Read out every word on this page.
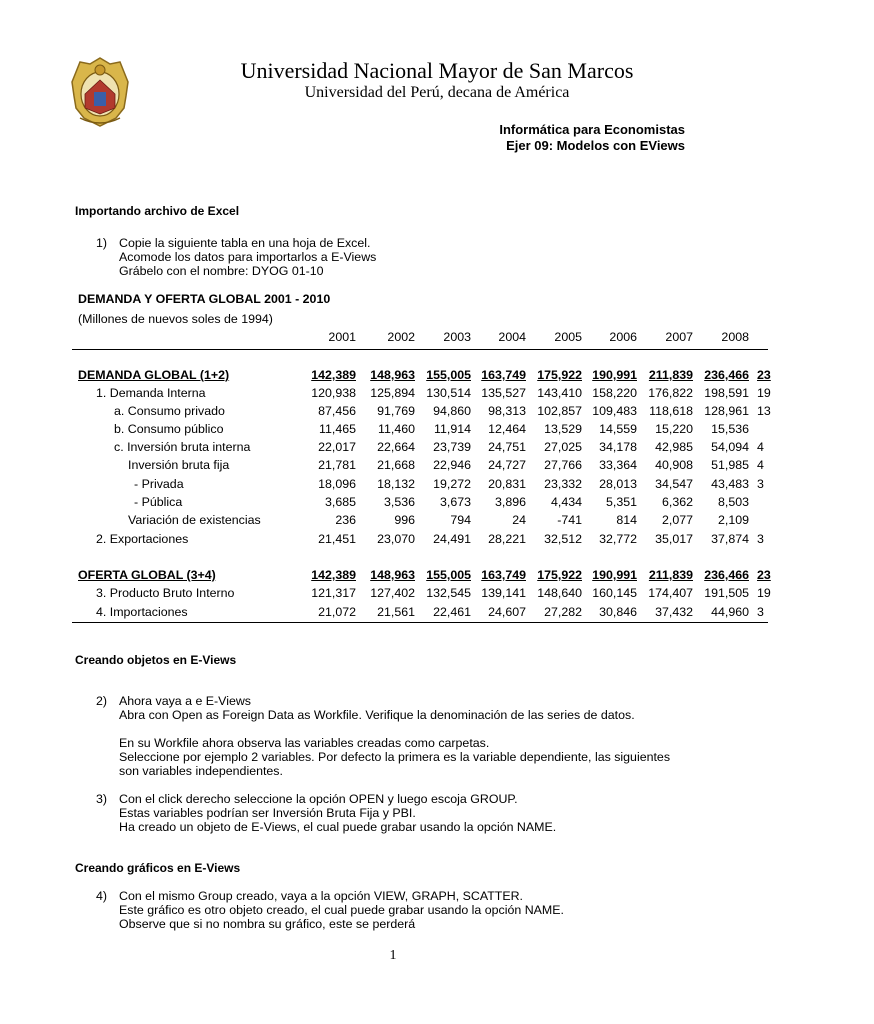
Universidad Nacional Mayor de San Marcos
Universidad del Perú, decana de América
Informática para Economistas
Ejer 09: Modelos con EViews
Importando archivo de Excel
1) Copie la siguiente tabla en una hoja de Excel.
Acomode los datos para importarlos a E-Views
Grábelo con el nombre: DYOG 01-10
DEMANDA Y OFERTA GLOBAL 2001 - 2010
(Millones de nuevos soles de 1994)
2001	2002	2003	2004	2005	2006	2007	2008
DEMANDA GLOBAL (1+2)	142,389	148,963 155,005 163,749 175,922 190,991 211,839 236,466 23
1. Demanda Interna	120,938	125,894 130,514 135,527 143,410 158,220 176,822 198,591 19
a. Consumo privado	87,456	91,769	94,860	98,313 102,857 109,483 118,618 128,961 13
b. Consumo público	11,465	11,460	11,914	12,464	13,529	14,559	15,220	15,536
c. Inversión bruta interna	22,017	22,664	23,739	24,751	27,025	34,178	42,985	54,094 4
Inversión bruta fija	21,781	21,668	22,946	24,727	27,766	33,364	40,908	51,985 4
- Privada	18,096	18,132	19,272	20,831	23,332	28,013	34,547	43,483 3
- Pública	3,685	3,536	3,673	3,896	4,434	5,351	6,362	8,503
Variación de existencias	236	996	794	24	-741	814	2,077	2,109
2. Exportaciones	21,451	23,070	24,491	28,221	32,512	32,772	35,017	37,874 3
OFERTA GLOBAL (3+4)	142,389	148,963 155,005 163,749 175,922 190,991 211,839 236,466 23
3. Producto Bruto Interno	121,317	127,402 132,545 139,141 148,640 160,145 174,407 191,505 19
4. Importaciones	21,072	21,561	22,461	24,607	27,282	30,846	37,432	44,960 3
Creando objetos en E-Views
2) Ahora vaya a e E-Views
Abra con Open as Foreign Data as Workfile. Verifique la denominación de las series de datos.
En su Workfile ahora observa las variables creadas como carpetas.
Seleccione por ejemplo 2 variables. Por defecto la primera es la variable dependiente, las siguientes
son variables independientes.
3) Con el click derecho seleccione la opción OPEN y luego escoja GROUP.
Estas variables podrían ser Inversión Bruta Fija y PBI.
Ha creado un objeto de E-Views, el cual puede grabar usando la opción NAME.
Creando gráficos en E-Views
4) Con el mismo Group creado, vaya a la opción VIEW, GRAPH, SCATTER.
Este gráfico es otro objeto creado, el cual puede grabar usando la opción NAME.
Observe que si no nombra su gráfico, este se perderá
1
